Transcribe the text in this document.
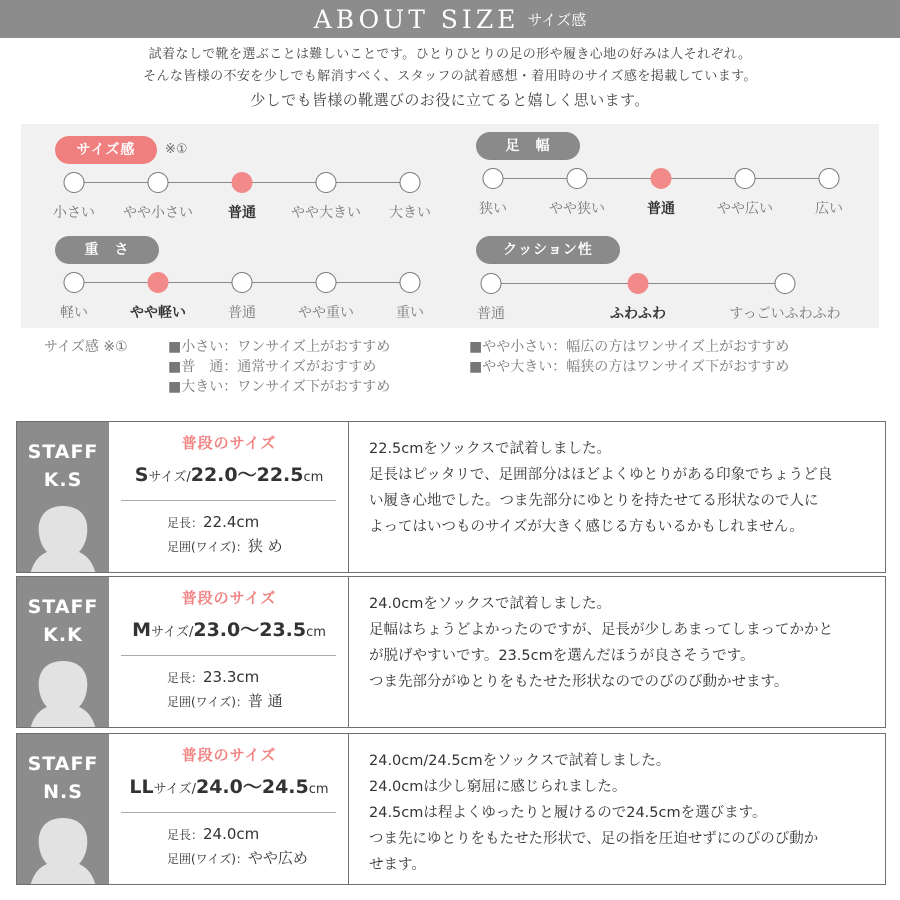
ABOUT SIZE サイズ感

試着なしで靴を選ぶことは難しいことです。ひとりひとりの足の形や履き心地の好みは人それぞれ。

そんな皆様の不安を少しでも解消すべく、スタッフの試着感想・着用時のサイズ感を掲載しています。

少しでも皆様の靴選びのお役に立てると嬉しく思います。

サイズ感	※①
小さい やや小さい	普通	やや大きい 大きい
足　幅
狭い	やや狭い	普通	やや広い	広い
重　さ
軽い	やや軽い	普通	やや重い	重い
クッション性
普通	ふわふわ	すっごいふわふわ
サイズ感 ※①	■小さい：ワンサイズ上がおすすめ
■普　通：通常サイズがおすすめ
■大きい：ワンサイズ下がおすすめ
■やや小さい：幅広の方はワンサイズ上がおすすめ
■やや大きい：幅狭の方はワンサイズ下がおすすめ
STAFF
K.S
普段のサイズ
Sサイズ/22.0〜22.5cm
足長：22.4cm
足囲(ワイズ)：狭 め
22.5cmをソックスで試着しました。
足長はピッタリで、足囲部分はほどよくゆとりがある印象でちょうど良
い履き心地でした。つま先部分にゆとりを持たせてる形状なので人に
よってはいつものサイズが大きく感じる方もいるかもしれません。
STAFF
K.K
普段のサイズ
Mサイズ/23.0〜23.5cm
足長：23.3cm
足囲(ワイズ)：普 通
24.0cmをソックスで試着しました。
足幅はちょうどよかったのですが、足長が少しあまってしまってかかと
が脱げやすいです。23.5cmを選んだほうが良さそうです。
つま先部分がゆとりをもたせた形状なのでのびのび動かせます。
STAFF
N.S
普段のサイズ
LLサイズ/24.0〜24.5cm
足長：24.0cm
足囲(ワイズ)：やや広め
24.0cm/24.5cmをソックスで試着しました。
24.0cmは少し窮屈に感じられました。
24.5cmは程よくゆったりと履けるので24.5cmを選びます。
つま先にゆとりをもたせた形状で、足の指を圧迫せずにのびのび動か
せます。
